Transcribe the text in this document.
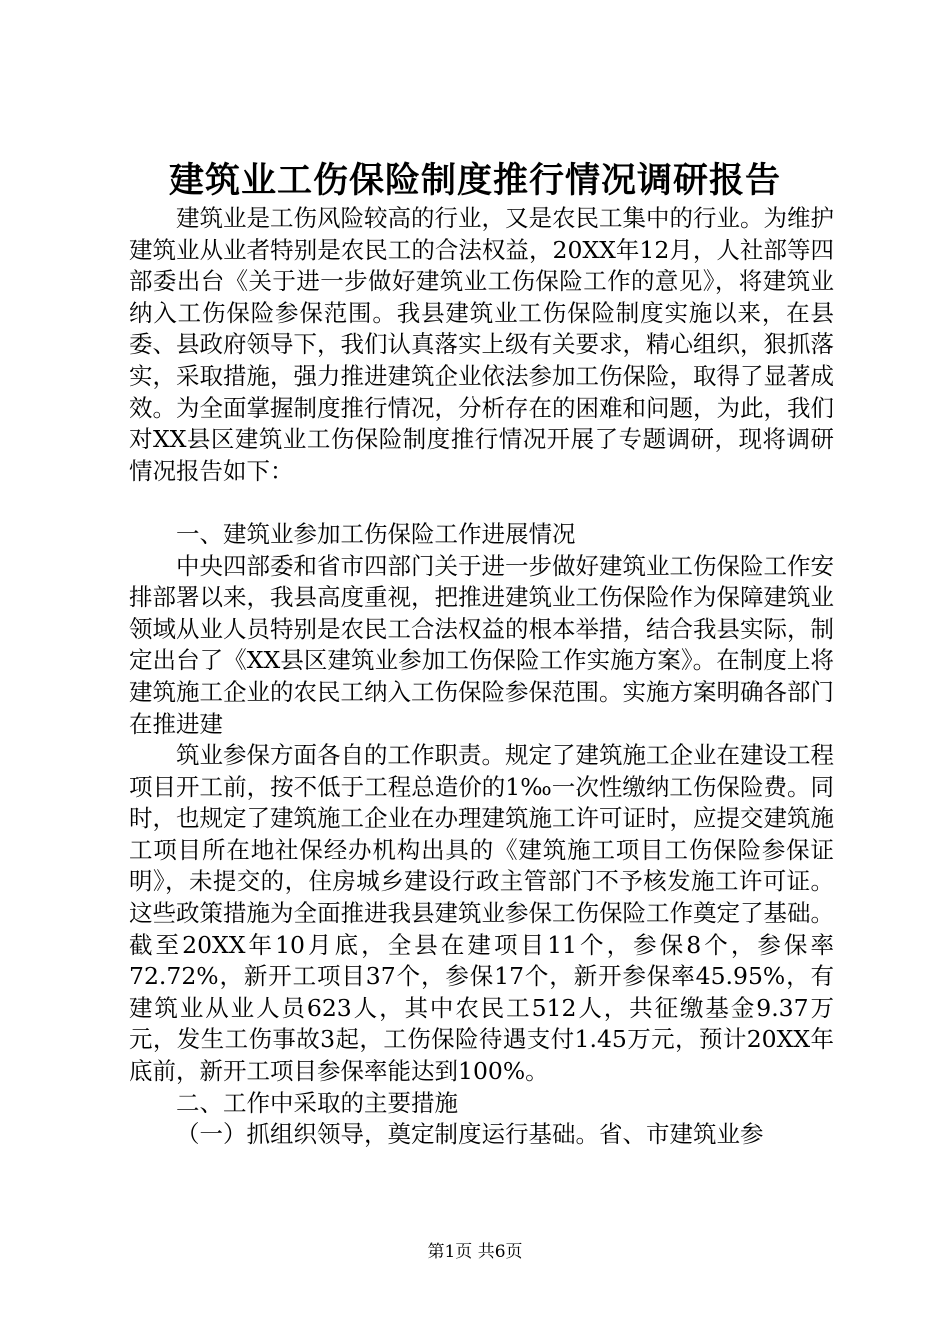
建筑业工伤保险制度推行情况调研报告

建筑业是工伤风险较高的行业，又是农民工集中的行业。为维护建筑业从业者特别是农民工的合法权益，20XX年12月，人社部等四部委出台《关于进一步做好建筑业工伤保险工作的意见》，将建筑业纳入工伤保险参保范围。我县建筑业工伤保险制度实施以来，在县委、县政府领导下，我们认真落实上级有关要求，精心组织，狠抓落实，采取措施，强力推进建筑企业依法参加工伤保险，取得了显著成效。为全面掌握制度推行情况，分析存在的困难和问题，为此，我们对XX县区建筑业工伤保险制度推行情况开展了专题调研，现将调研情况报告如下：

一、建筑业参加工伤保险工作进展情况

中央四部委和省市四部门关于进一步做好建筑业工伤保险工作安排部署以来，我县高度重视，把推进建筑业工伤保险作为保障建筑业领域从业人员特别是农民工合法权益的根本举措，结合我县实际，制定出台了《XX县区建筑业参加工伤保险工作实施方案》。在制度上将建筑施工企业的农民工纳入工伤保险参保范围。实施方案明确各部门在推进建

筑业参保方面各自的工作职责。规定了建筑施工企业在建设工程项目开工前，按不低于工程总造价的1‰一次性缴纳工伤保险费。同时，也规定了建筑施工企业在办理建筑施工许可证时，应提交建筑施工项目所在地社保经办机构出具的《建筑施工项目工伤保险参保证明》，未提交的，住房城乡建设行政主管部门不予核发施工许可证。这些政策措施为全面推进我县建筑业参保工伤保险工作奠定了基础。截至20XX年10月底，全县在建项目11个，参保8个，参保率72.72%，新开工项目37个，参保17个，新开参保率45.95%，有建筑业从业人员623人，其中农民工512人，共征缴基金9.37万元，发生工伤事故3起，工伤保险待遇支付1.45万元，预计20XX年底前，新开工项目参保率能达到100%。

二、工作中采取的主要措施

（一）抓组织领导，奠定制度运行基础。省、市建筑业参

第1页 共6页
